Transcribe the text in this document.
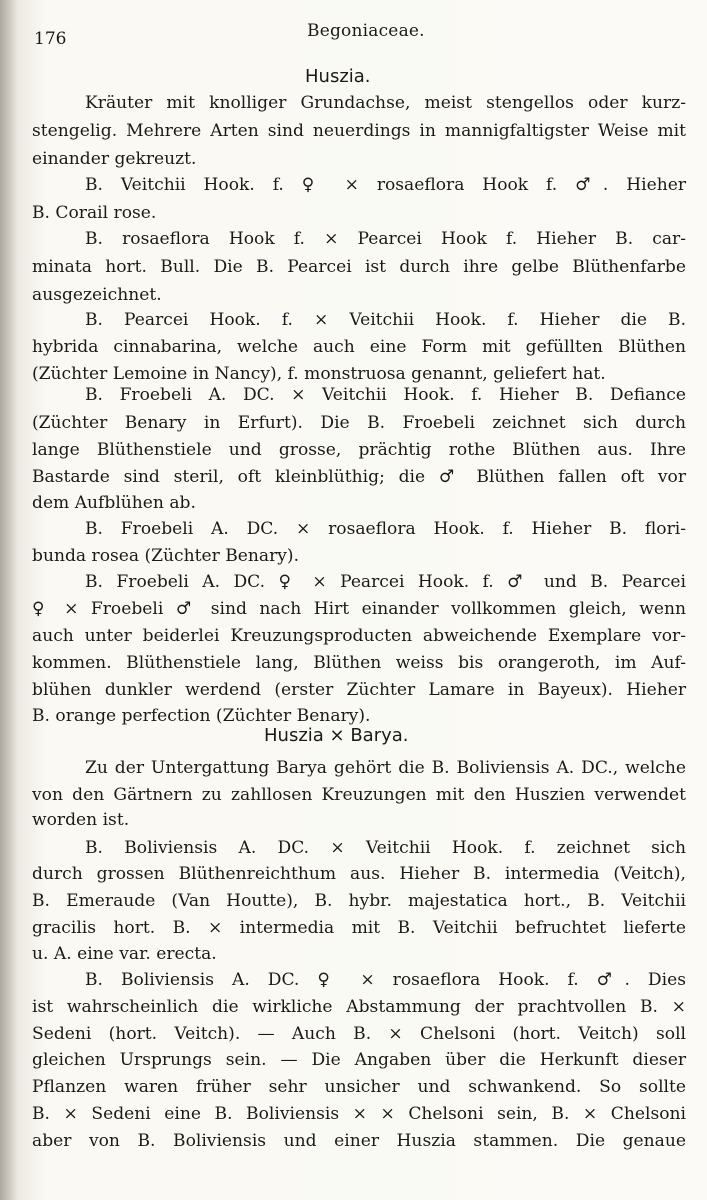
176	Begoniaceae.
Huszia.
Kräuter mit knolliger Grundachse, meist stengellos oder kurz-
stengelig. Mehrere Arten sind neuerdings in mannigfaltigster Weise mit
einander gekreuzt.
B. Veitchii Hook. f. ♀ ⨯ rosaeflora Hook f. ♂. Hieher
B. Corail rose.
B. rosaeflora Hook f. ⨯ Pearcei Hook f. Hieher B. car-
minata hort. Bull. Die B. Pearcei ist durch ihre gelbe Blüthenfarbe
ausgezeichnet.
B. Pearcei Hook. f. ⨯ Veitchii Hook. f. Hieher die B.
hybrida cinnabarina, welche auch eine Form mit gefüllten Blüthen
(Züchter Lemoine in Nancy), f. monstruosa genannt, geliefert hat.
B. Froebeli A. DC. ⨯ Veitchii Hook. f. Hieher B. Defiance
(Züchter Benary in Erfurt). Die B. Froebeli zeichnet sich durch
lange Blüthenstiele und grosse, prächtig rothe Blüthen aus. Ihre
Bastarde sind steril, oft kleinblüthig; die ♂ Blüthen fallen oft vor
dem Aufblühen ab.
B. Froebeli A. DC. ⨯ rosaeflora Hook. f. Hieher B. flori-
bunda rosea (Züchter Benary).
B. Froebeli A. DC. ♀ ⨯ Pearcei Hook. f. ♂ und B. Pearcei
♀ ⨯ Froebeli ♂ sind nach Hirt einander vollkommen gleich, wenn
auch unter beiderlei Kreuzungsproducten abweichende Exemplare vor-
kommen. Blüthenstiele lang, Blüthen weiss bis orangeroth, im Auf-
blühen dunkler werdend (erster Züchter Lamare in Bayeux). Hieher
B. orange perfection (Züchter Benary).
Huszia ⨯ Barya.
Zu der Untergattung Barya gehört die B. Boliviensis A. DC., welche
von den Gärtnern zu zahllosen Kreuzungen mit den Huszien verwendet
worden ist.
B. Boliviensis A. DC. ⨯ Veitchii Hook. f. zeichnet sich
durch grossen Blüthenreichthum aus. Hieher B. intermedia (Veitch),
B. Emeraude (Van Houtte), B. hybr. majestatica hort., B. Veitchii
gracilis hort. B. ⨯ intermedia mit B. Veitchii befruchtet lieferte
u. A. eine var. erecta.
B. Boliviensis A. DC. ♀ ⨯ rosaeflora Hook. f. ♂. Dies
ist wahrscheinlich die wirkliche Abstammung der prachtvollen B. ⨯
Sedeni (hort. Veitch). — Auch B. ⨯ Chelsoni (hort. Veitch) soll
gleichen Ursprungs sein. — Die Angaben über die Herkunft dieser
Pflanzen waren früher sehr unsicher und schwankend. So sollte
B. ⨯ Sedeni eine B. Boliviensis ⨯ ⨯ Chelsoni sein, B. ⨯ Chelsoni
aber von B. Boliviensis und einer Huszia stammen. Die genaue
